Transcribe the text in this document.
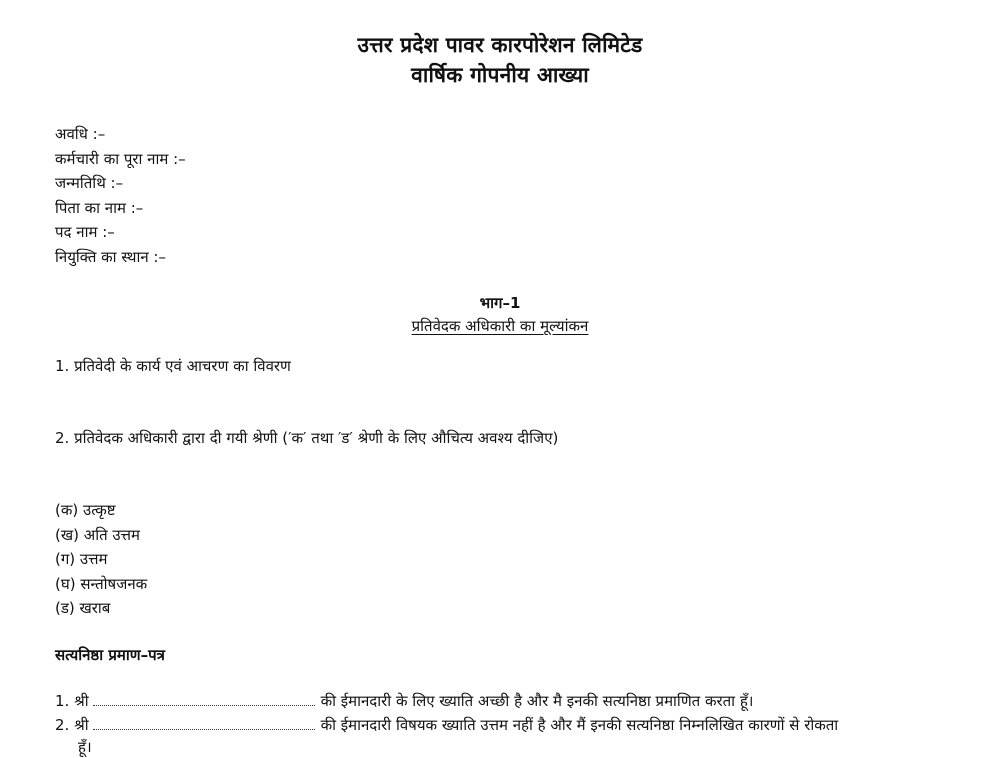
उत्तर प्रदेश पावर कारपोरेशन लिमिटेड
वार्षिक गोपनीय आख्या
अवधि :–
कर्मचारी का पूरा नाम :–
जन्मतिथि :–
पिता का नाम :–
पद नाम :–
नियुक्ति का स्थान :–
भाग–1
प्रतिवेदक अधिकारी का मूल्यांकन
1. प्रतिवेदी के कार्य एवं आचरण का विवरण
2. प्रतिवेदक अधिकारी द्वारा दी गयी श्रेणी (′क′ तथा ′ड′ श्रेणी के लिए औचित्य अवश्य दीजिए)
(क) उत्कृष्ट
(ख) अति उत्तम
(ग) उत्तम
(घ) सन्तोषजनक
(ड) खराब
सत्यनिष्ठा प्रमाण–पत्र
1. श्री	की ईमानदारी के लिए ख्याति अच्छी है और मै इनकी सत्यनिष्ठा प्रमाणित करता हूँ।
2. श्री	की ईमानदारी विषयक ख्याति उत्तम नहीं है और मैं इनकी सत्यनिष्ठा निम्नलिखित कारणों से रोकता
हूँ।
